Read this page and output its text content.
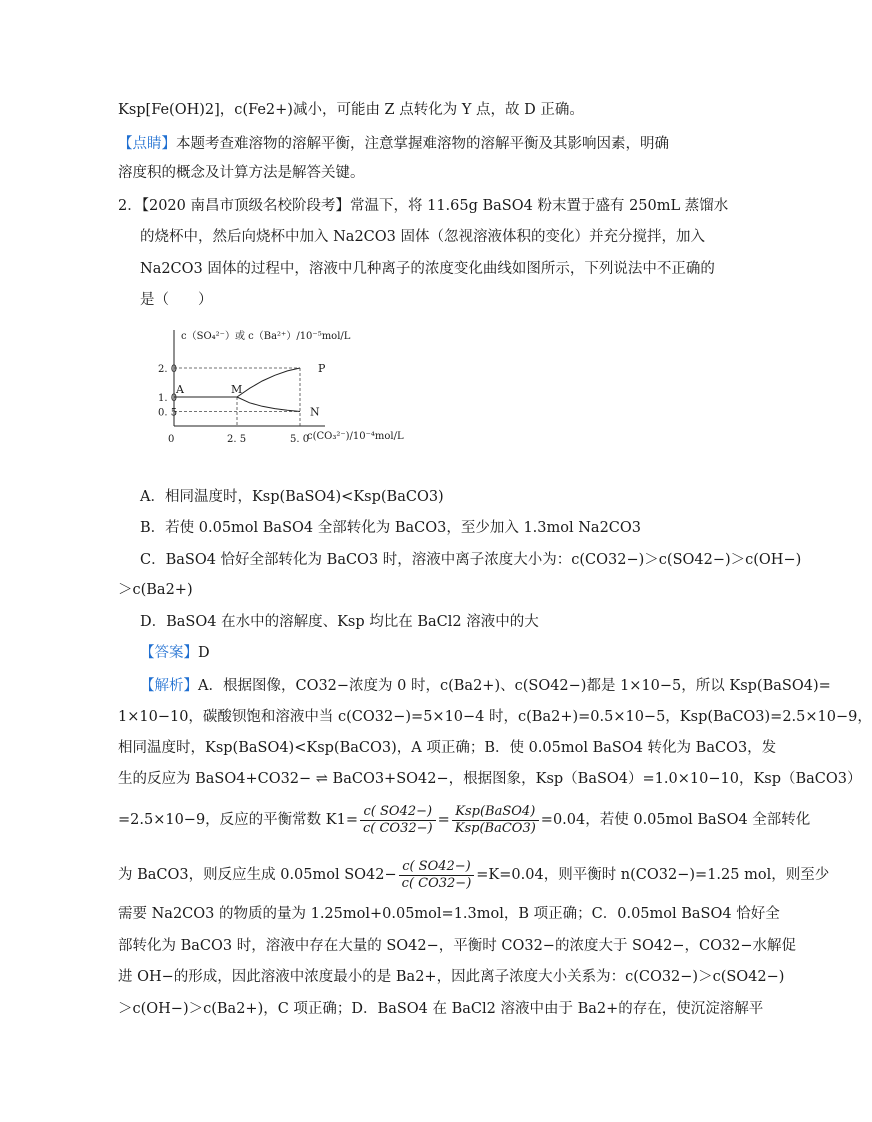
Ksp[Fe(OH)2]，c(Fe2+)减小，可能由 Z 点转化为 Y 点，故 D 正确。
【点睛】本题考查难溶物的溶解平衡，注意掌握难溶物的溶解平衡及其影响因素，明确
溶度积的概念及计算方法是解答关键。
2．【2020 南昌市顶级名校阶段考】常温下，将 11.65g BaSO4 粉末置于盛有 250mL 蒸馏水
的烧杯中，然后向烧杯中加入 Na2CO3 固体（忽视溶液体积的变化）并充分搅拌，加入
Na2CO3 固体的过程中，溶液中几种离子的浓度变化曲线如图所示，下列说法中不正确的
是（　　）
c（SO₄²⁻）或 c（Ba²⁺）/10⁻⁵mol/L
c(CO₃²⁻)/10⁻⁴mol/L
2. 0
1. 0
0. 5
0	2. 5	5. 0
A	M
P
N
A．相同温度时，Ksp(BaSO4)<Ksp(BaCO3)
B．若使 0.05mol BaSO4 全部转化为 BaCO3，至少加入 1.3mol Na2CO3
C．BaSO4 恰好全部转化为 BaCO3 时，溶液中离子浓度大小为：c(CO32−)＞c(SO42−)＞c(OH−)
＞c(Ba2+)
D．BaSO4 在水中的溶解度、Ksp 均比在 BaCl2 溶液中的大
【答案】D
【解析】A．根据图像，CO32−浓度为 0 时，c(Ba2+)、c(SO42−)都是 1×10−5，所以 Ksp(BaSO4)=
1×10−10，碳酸钡饱和溶液中当 c(CO32−)=5×10−4 时，c(Ba2+)=0.5×10−5，Ksp(BaCO3)=2.5×10−9，
相同温度时，Ksp(BaSO4)<Ksp(BaCO3)，A 项正确；B．使 0.05mol BaSO4 转化为 BaCO3，发
生的反应为 BaSO4+CO32− ⇌ BaCO3+SO42−，根据图象，Ksp（BaSO4）=1.0×10−10，Ksp（BaCO3）
=2.5×10−9，反应的平衡常数 $K1= \frac{c( SO42-)}{c( CO32-)} = \frac{\text{Ksp(BaSO4)}}{\text{Ksp(BaCO3)}} =0.04$，若使 0.05mol BaSO4 全部转化
为 BaCO3，则反应生成 0.05mol $SO42- \frac{c( SO42-)}{c( CO32-)} =K=0.04$，则平衡时 n(CO32−)=1.25 mol，则至少
需要 Na2CO3 的物质的量为 1.25mol+0.05mol=1.3mol，B 项正确；C．0.05mol BaSO4 恰好全
部转化为 BaCO3 时，溶液中存在大量的 SO42−，平衡时 CO32−的浓度大于 SO42−，CO32−水解促
进 OH−的形成，因此溶液中浓度最小的是 Ba2+，因此离子浓度大小关系为：c(CO32−)＞c(SO42−)
＞c(OH−)＞c(Ba2+)，C 项正确；D．BaSO4 在 BaCl2 溶液中由于 Ba2+的存在，使沉淀溶解平
